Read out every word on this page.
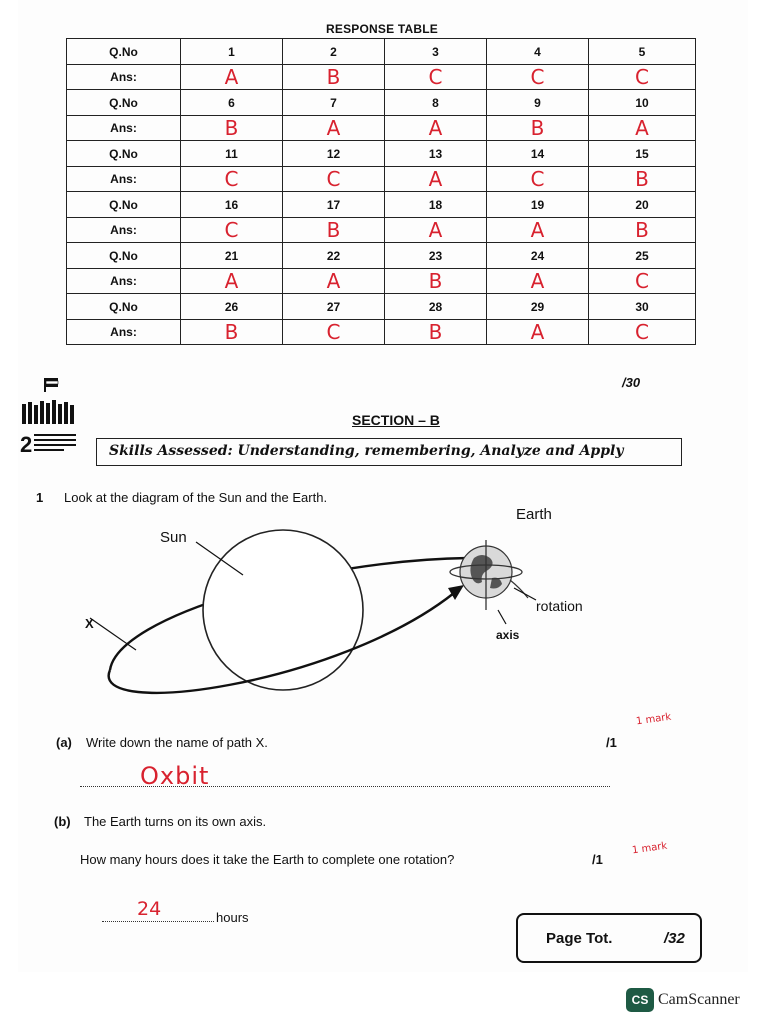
RESPONSE TABLE
Q.No	1	2	3	4	5
Ans:	A	B	C	C	C
Q.No	6	7	8	9	10
Ans:	B	A	A	B	A
Q.No	11	12	13	14	15
Ans:	C	C	A	C	B
Q.No	16	17	18	19	20
Ans:	C	B	A	A	B
Q.No	21	22	23	24	25
Ans:	A	A	B	A	C
Q.No	26	27	28	29	30
Ans:	B	C	B	A	C
/30
2
SECTION – B
Skills Assessed: Understanding, remembering, Analyze and Apply
1 Look at the diagram of the Sun and the Earth.
Sun
Earth
X
rotation
axis
(a) Write down the name of path X.	/1
1 mark
Oxbit
(b) The Earth turns on its own axis.
How many hours does it take the Earth to complete one rotation?	/1
1 mark
24	hours
Page Tot.	/32
CS CamScanner
